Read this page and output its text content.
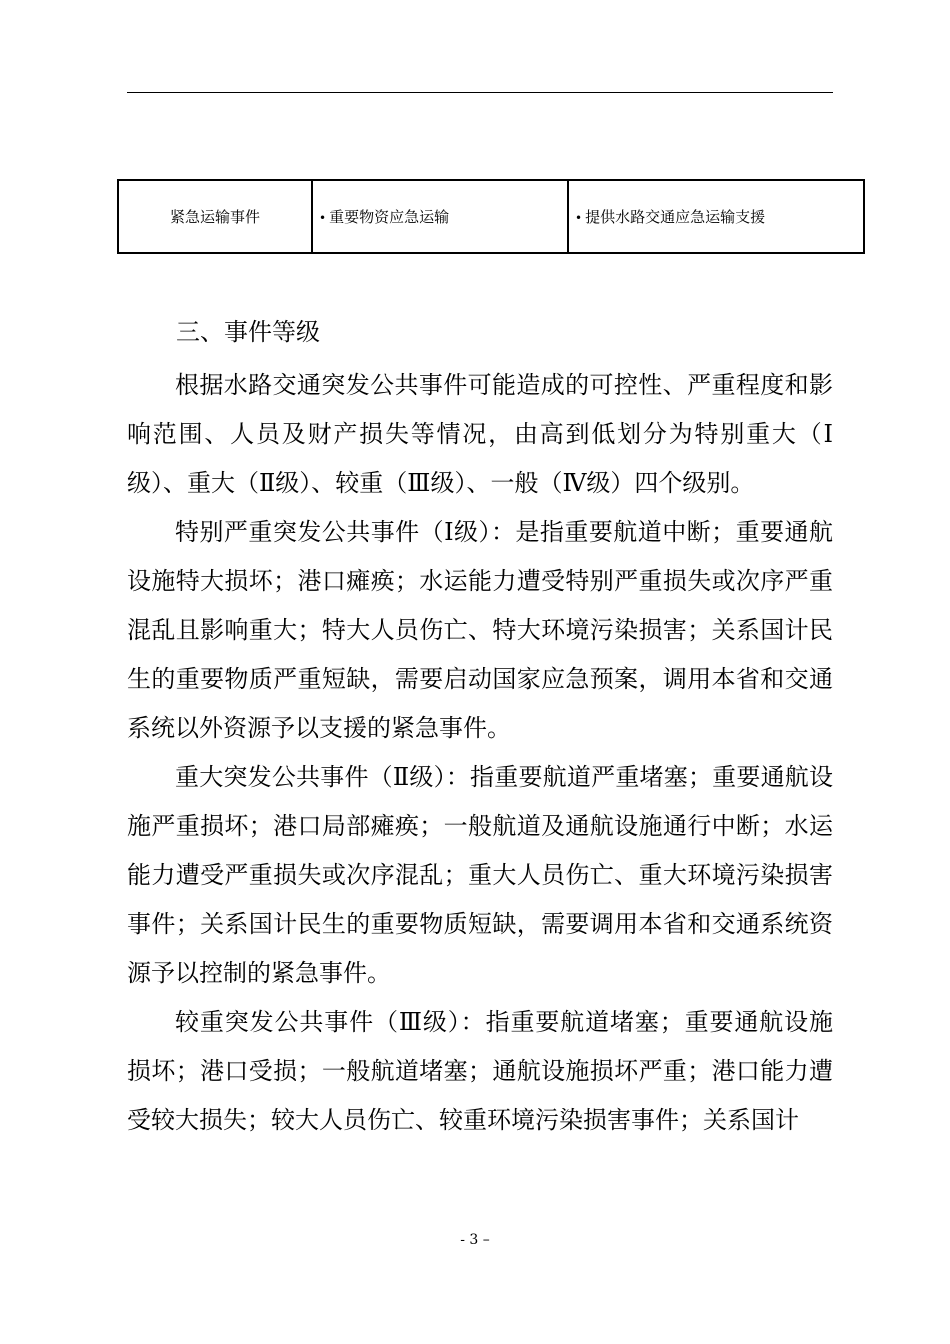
紧急运输事件	• 重要物资应急运输	• 提供水路交通应急运输支援
三、事件等级

根据水路交通突发公共事件可能造成的可控性、严重程度和影响范围、人员及财产损失等情况，由高到低划分为特别重大（Ⅰ级）、重大（Ⅱ级）、较重（Ⅲ级）、一般（Ⅳ级）四个级别。

特别严重突发公共事件（Ⅰ级）：是指重要航道中断；重要通航设施特大损坏；港口瘫痪；水运能力遭受特别严重损失或次序严重混乱且影响重大；特大人员伤亡、特大环境污染损害；关系国计民生的重要物质严重短缺，需要启动国家应急预案，调用本省和交通系统以外资源予以支援的紧急事件。

重大突发公共事件（Ⅱ级）：指重要航道严重堵塞；重要通航设施严重损坏；港口局部瘫痪；一般航道及通航设施通行中断；水运能力遭受严重损失或次序混乱；重大人员伤亡、重大环境污染损害事件；关系国计民生的重要物质短缺，需要调用本省和交通系统资源予以控制的紧急事件。

较重突发公共事件（Ⅲ级）：指重要航道堵塞；重要通航设施损坏；港口受损；一般航道堵塞；通航设施损坏严重；港口能力遭受较大损失；较大人员伤亡、较重环境污染损害事件；关系国计

- 3 –
